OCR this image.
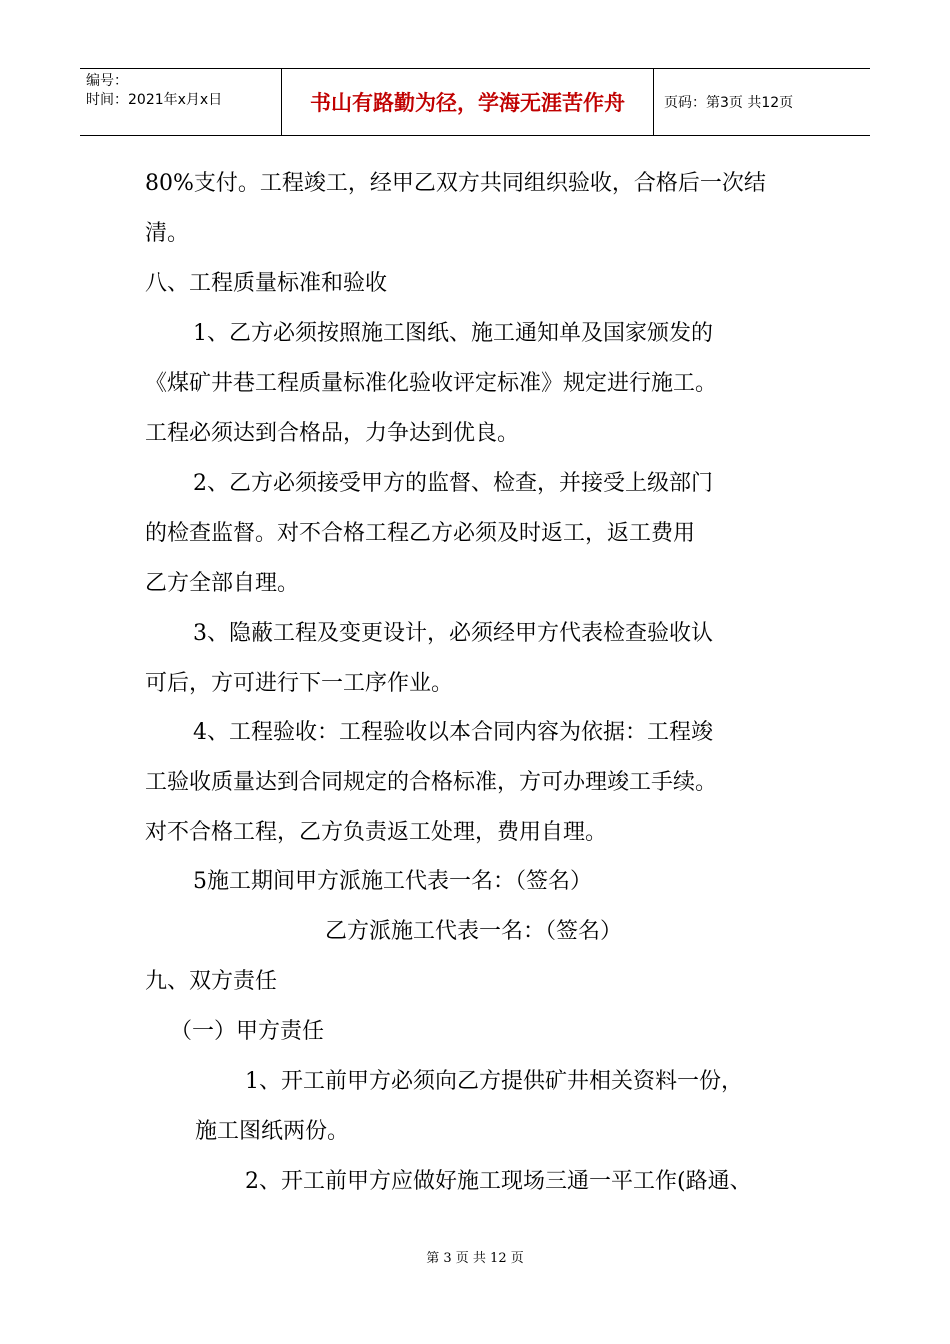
编号：
时间：2021年x月x日	书山有路勤为径，学海无涯苦作舟	页码：第3页 共12页
80%支付。工程竣工，经甲乙双方共同组织验收，合格后一次结
清。
八、工程质量标准和验收
1、乙方必须按照施工图纸、施工通知单及国家颁发的
《煤矿井巷工程质量标准化验收评定标准》规定进行施工。
工程必须达到合格品，力争达到优良。
2、乙方必须接受甲方的监督、检查，并接受上级部门
的检查监督。对不合格工程乙方必须及时返工，返工费用
乙方全部自理。
3、隐蔽工程及变更设计，必须经甲方代表检查验收认
可后，方可进行下一工序作业。
4、工程验收：工程验收以本合同内容为依据：工程竣
工验收质量达到合同规定的合格标准，方可办理竣工手续。
对不合格工程，乙方负责返工处理，费用自理。
5施工期间甲方派施工代表一名：（签名）
乙方派施工代表一名：（签名）
九、双方责任
（一）甲方责任
1、开工前甲方必须向乙方提供矿井相关资料一份，
施工图纸两份。
2、开工前甲方应做好施工现场三通一平工作(路通、
第 3 页 共 12 页
